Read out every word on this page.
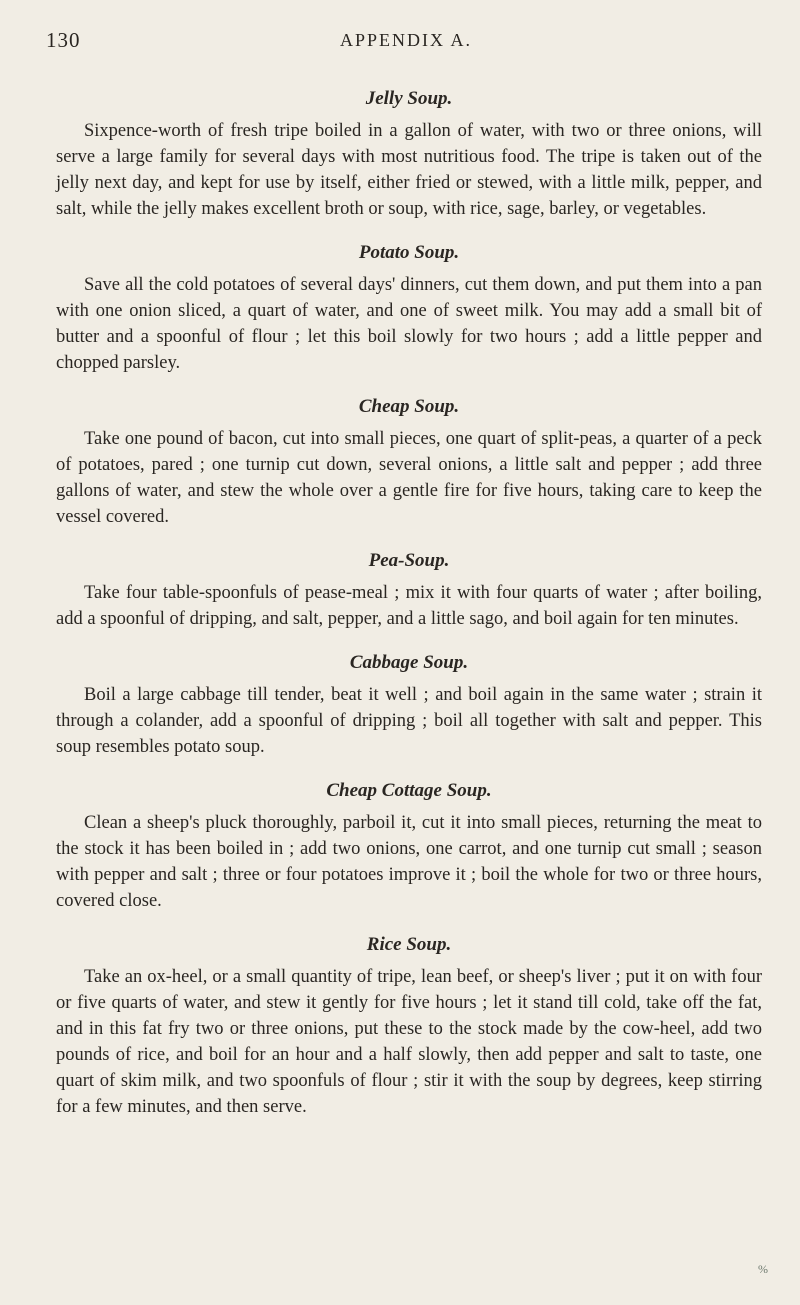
130	APPENDIX A.
Jelly Soup.

Sixpence-worth of fresh tripe boiled in a gallon of water, with two or three onions, will serve a large family for several days with most nutritious food. The tripe is taken out of the jelly next day, and kept for use by itself, either fried or stewed, with a little milk, pepper, and salt, while the jelly makes excellent broth or soup, with rice, sage, barley, or vegetables.

Potato Soup.

Save all the cold potatoes of several days' dinners, cut them down, and put them into a pan with one onion sliced, a quart of water, and one of sweet milk. You may add a small bit of butter and a spoonful of flour ; let this boil slowly for two hours ; add a little pepper and chopped parsley.

Cheap Soup.

Take one pound of bacon, cut into small pieces, one quart of split-peas, a quarter of a peck of potatoes, pared ; one turnip cut down, several onions, a little salt and pepper ; add three gallons of water, and stew the whole over a gentle fire for five hours, taking care to keep the vessel covered.

Pea-Soup.

Take four table-spoonfuls of pease-meal ; mix it with four quarts of water ; after boiling, add a spoonful of dripping, and salt, pepper, and a little sago, and boil again for ten minutes.

Cabbage Soup.

Boil a large cabbage till tender, beat it well ; and boil again in the same water ; strain it through a colander, add a spoonful of dripping ; boil all together with salt and pepper. This soup resembles potato soup.

Cheap Cottage Soup.

Clean a sheep's pluck thoroughly, parboil it, cut it into small pieces, returning the meat to the stock it has been boiled in ; add two onions, one carrot, and one turnip cut small ; season with pepper and salt ; three or four potatoes improve it ; boil the whole for two or three hours, covered close.

Rice Soup.

Take an ox-heel, or a small quantity of tripe, lean beef, or sheep's liver ; put it on with four or five quarts of water, and stew it gently for five hours ; let it stand till cold, take off the fat, and in this fat fry two or three onions, put these to the stock made by the cow-heel, add two pounds of rice, and boil for an hour and a half slowly, then add pepper and salt to taste, one quart of skim milk, and two spoonfuls of flour ; stir it with the soup by degrees, keep stirring for a few minutes, and then serve.

%
